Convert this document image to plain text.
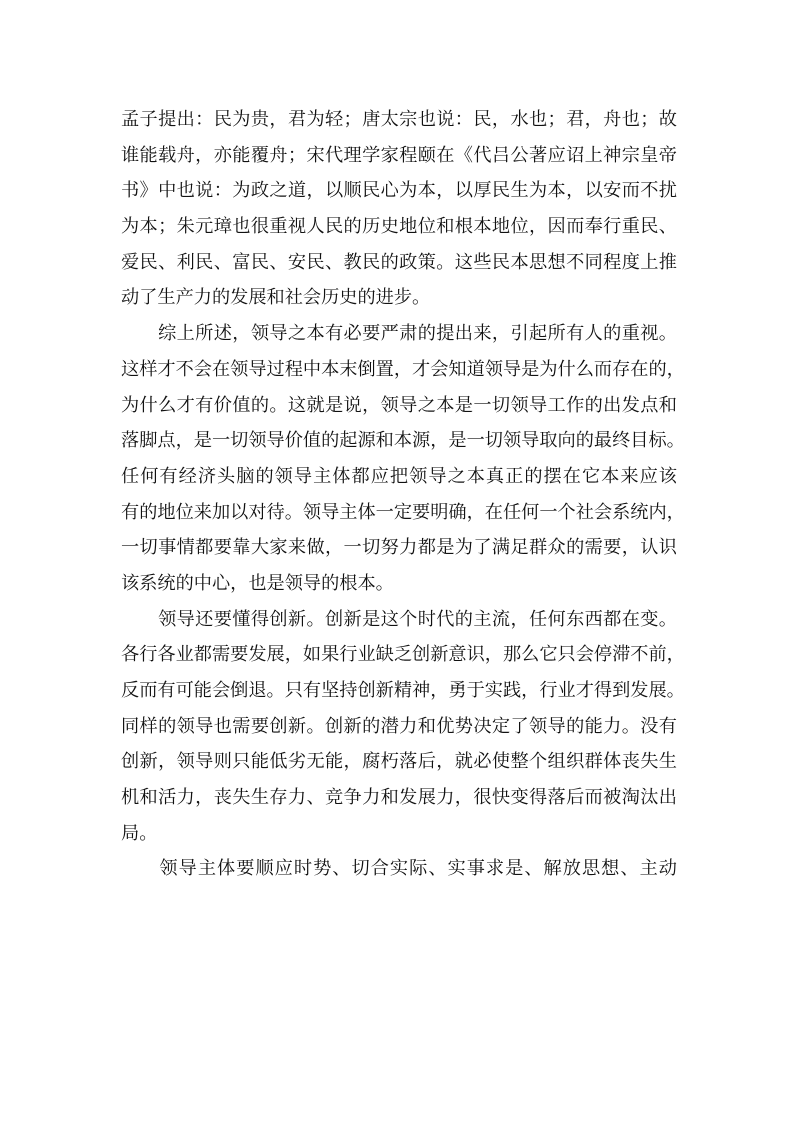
孟子提出：民为贵，君为轻；唐太宗也说：民，水也；君，舟也；故
谁能载舟，亦能覆舟；宋代理学家程颐在《代吕公著应诏上神宗皇帝
书》中也说：为政之道，以顺民心为本，以厚民生为本，以安而不扰
为本；朱元璋也很重视人民的历史地位和根本地位，因而奉行重民、
爱民、利民、富民、安民、教民的政策。这些民本思想不同程度上推
动了生产力的发展和社会历史的进步。
　　综上所述，领导之本有必要严肃的提出来，引起所有人的重视。
这样才不会在领导过程中本末倒置，才会知道领导是为什么而存在的，
为什么才有价值的。这就是说，领导之本是一切领导工作的出发点和
落脚点，是一切领导价值的起源和本源，是一切领导取向的最终目标。
任何有经济头脑的领导主体都应把领导之本真正的摆在它本来应该
有的地位来加以对待。领导主体一定要明确，在任何一个社会系统内，
一切事情都要靠大家来做，一切努力都是为了满足群众的需要，认识
该系统的中心，也是领导的根本。
　　领导还要懂得创新。创新是这个时代的主流，任何东西都在变。
各行各业都需要发展，如果行业缺乏创新意识，那么它只会停滞不前，
反而有可能会倒退。只有坚持创新精神，勇于实践，行业才得到发展。
同样的领导也需要创新。创新的潜力和优势决定了领导的能力。没有
创新，领导则只能低劣无能，腐朽落后，就必使整个组织群体丧失生
机和活力，丧失生存力、竞争力和发展力，很快变得落后而被淘汰出
局。
　　领导主体要顺应时势、切合实际、实事求是、解放思想、主动
